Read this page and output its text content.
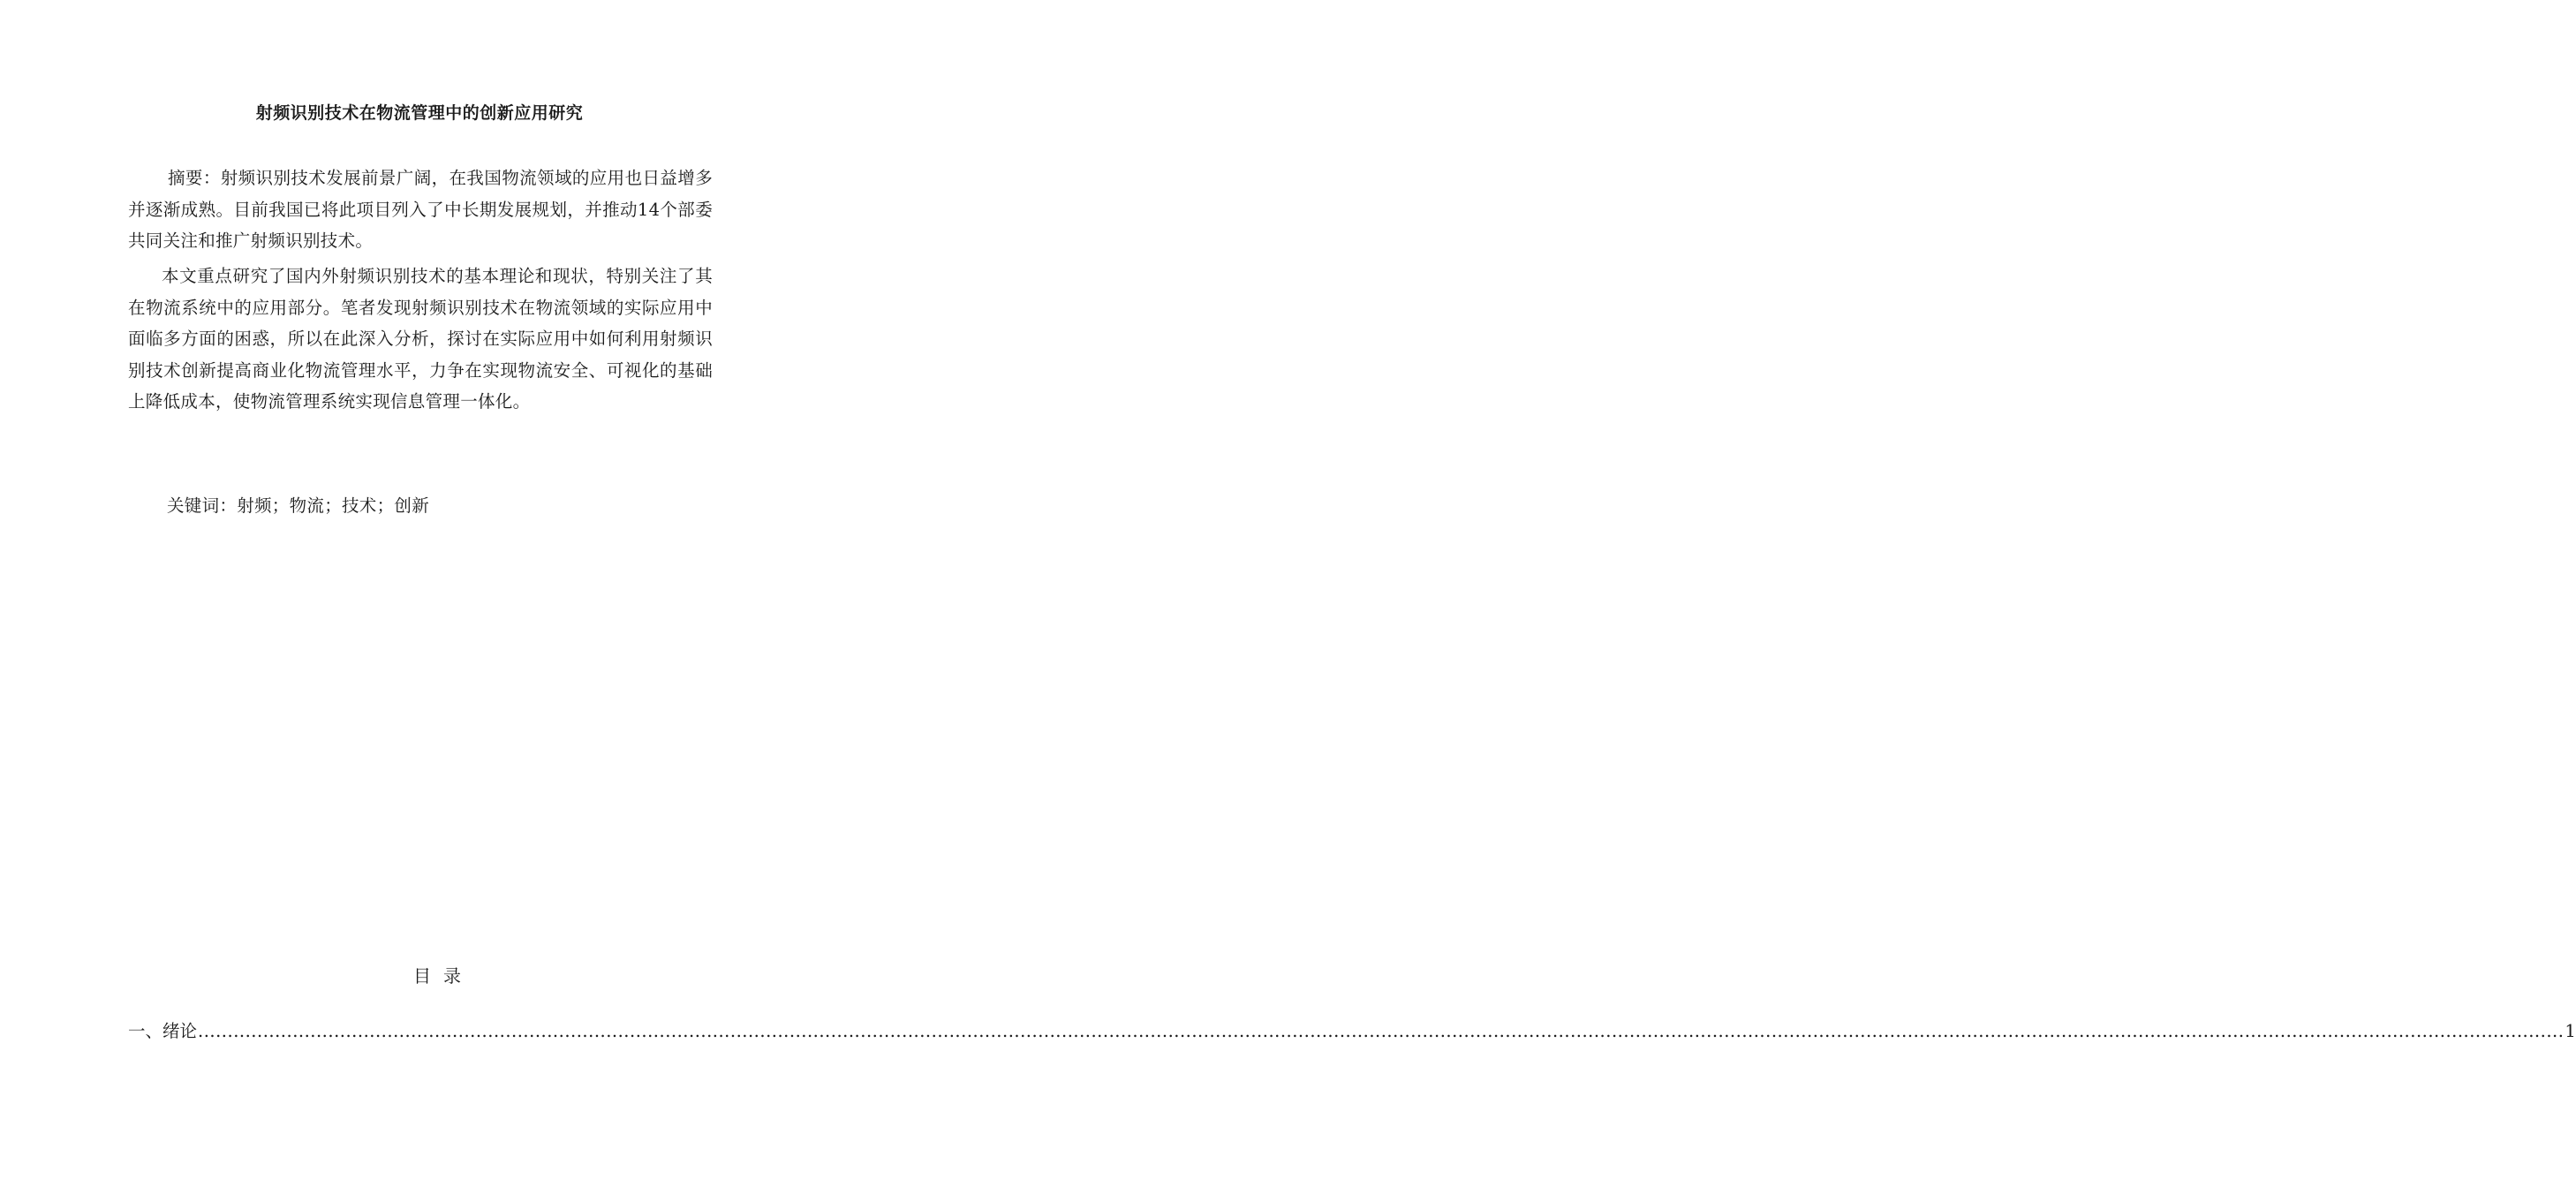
射频识别技术在物流管理中的创新应用研究
摘要：射频识别技术发展前景广阔，在我国物流领域的应用也日益增多并逐渐成熟。目前我国已将此项目列入了中长期发展规划，并推动14个部委共同关注和推广射频识别技术。
本文重点研究了国内外射频识别技术的基本理论和现状，特别关注了其在物流系统中的应用部分。笔者发现射频识别技术在物流领域的实际应用中面临多方面的困惑，所以在此深入分析，探讨在实际应用中如何利用射频识别技术创新提高商业化物流管理水平，力争在实现物流安全、可视化的基础上降低成本，使物流管理系统实现信息管理一体化。
关键词：射频；物流；技术；创新
目录
一、绪论 ................................................................................................................................................................................................................................................................................................................................................................................................................ 1
